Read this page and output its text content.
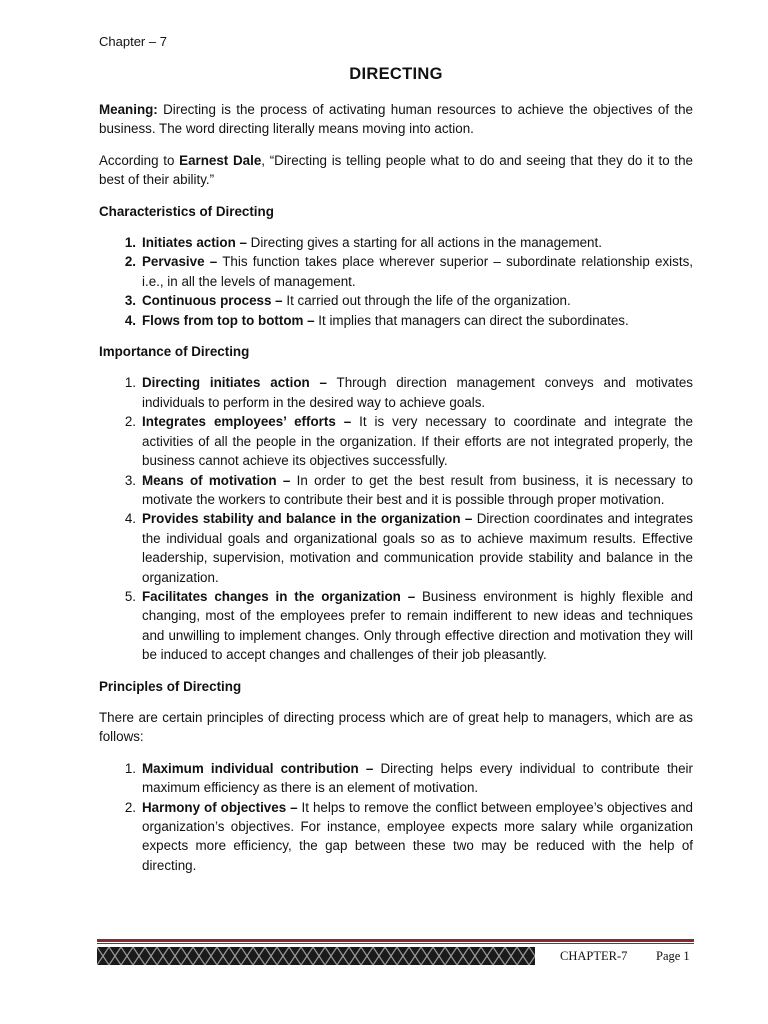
Chapter – 7
DIRECTING

Meaning: Directing is the process of activating human resources to achieve the objectives of the business. The word directing literally means moving into action.

According to Earnest Dale, “Directing is telling people what to do and seeing that they do it to the best of their ability.”

Characteristics of Directing
1. Initiates action – Directing gives a starting for all actions in the management.
2. Pervasive – This function takes place wherever superior – subordinate relationship exists, i.e., in all the levels of management.
3. Continuous process – It carried out through the life of the organization.
4. Flows from top to bottom – It implies that managers can direct the subordinates.
Importance of Directing
1. Directing initiates action – Through direction management conveys and motivates individuals to perform in the desired way to achieve goals.
2. Integrates employees’ efforts – It is very necessary to coordinate and integrate the activities of all the people in the organization. If their efforts are not integrated properly, the business cannot achieve its objectives successfully.
3. Means of motivation – In order to get the best result from business, it is necessary to motivate the workers to contribute their best and it is possible through proper motivation.
4. Provides stability and balance in the organization – Direction coordinates and integrates the individual goals and organizational goals so as to achieve maximum results. Effective leadership, supervision, motivation and communication provide stability and balance in the organization.
5. Facilitates changes in the organization – Business environment is highly flexible and changing, most of the employees prefer to remain indifferent to new ideas and techniques and unwilling to implement changes. Only through effective direction and motivation they will be induced to accept changes and challenges of their job pleasantly.
Principles of Directing

There are certain principles of directing process which are of great help to managers, which are as follows:

1. Maximum individual contribution – Directing helps every individual to contribute their maximum efficiency as there is an element of motivation.
2. Harmony of objectives – It helps to remove the conflict between employee’s objectives and organization’s objectives. For instance, employee expects more salary while organization expects more efficiency, the gap between these two may be reduced with the help of directing.
CHAPTER-7 Page 1
